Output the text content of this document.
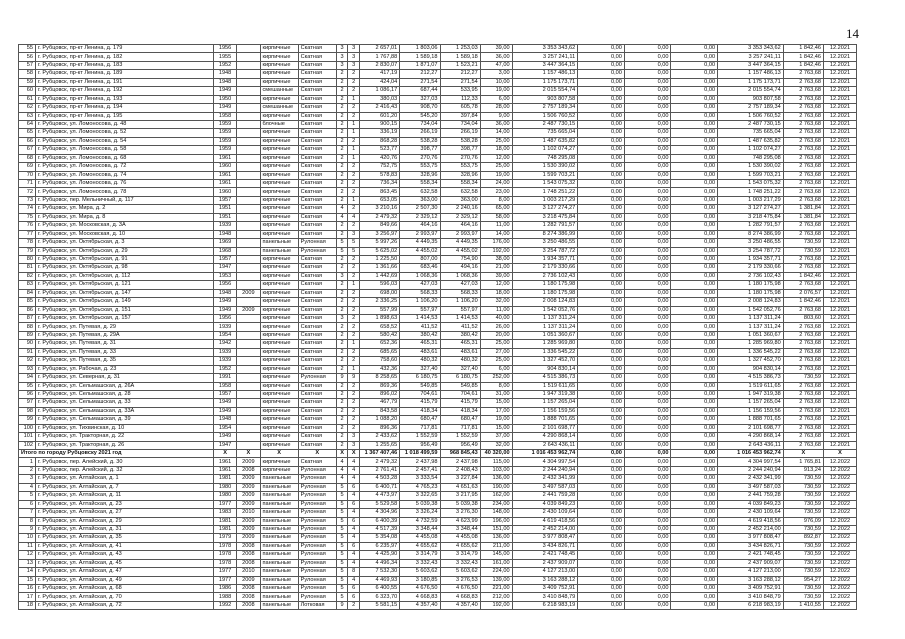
14
55	г. Рубцовск, пр-кт Ленина, д. 179	1956		кирпичные	Скатная	3	3	2 657,01	1 803,06	1 253,03	39,00	3 353 343,62	0,00	0,00	0,00	3 353 343,62	1 842,46	12.2021
56	г. Рубцовск, пр-кт Ленина, д. 182	1955		кирпичные	Скатная	3	3	1 767,88	1 589,18	1 589,18	36,00	3 257 241,11	0,00	0,00	0,00	3 257 241,11	1 842,46	12.2021
57	г. Рубцовск, пр-кт Ленина, д. 183	1952		кирпичные	Скатная	3	3	2 830,07	1 871,07	1 523,21	47,00	3 447 364,15	0,00	0,00	0,00	3 447 364,15	1 842,46	12.2021
58	г. Рубцовск, пр-кт Ленина, д. 189	1948		кирпичные	Скатная	2	2	417,19	212,27	212,27	3,00	1 157 486,13	0,00	0,00	0,00	1 157 486,13	2 763,68	12.2021
59	г. Рубцовск, пр-кт Ленина, д. 191	1948		кирпичные	Скатная	2	2	424,04	271,54	271,54	10,00	1 175 173,71	0,00	0,00	0,00	1 175 173,71	2 763,68	12.2021
60	г. Рубцовск, пр-кт Ленина, д. 192	1949		смешанные	Скатная	2	2	1 086,17	687,44	533,95	19,00	2 015 554,74	0,00	0,00	0,00	2 015 554,74	2 763,68	12.2021
61	г. Рубцовск, пр-кт Ленина, д. 193	1950		кирпичные	Скатная	2	1	380,03	327,03	112,33	6,00	903 807,58	0,00	0,00	0,00	903 807,58	2 763,68	12.2021
62	г. Рубцовск, пр-кт Ленина, д. 194	1949		смешанные	Скатная	2	2	2 416,43	908,70	605,78	28,00	2 757 189,34	0,00	0,00	0,00	2 757 189,34	2 763,68	12.2021
63	г. Рубцовск, пр-кт Ленина, д. 195	1958		кирпичные	Скатная	2	2	601,20	545,20	397,84	9,00	1 506 760,52	0,00	0,00	0,00	1 506 760,52	2 763,68	12.2021
64	г. Рубцовск, ул. Ломоносова, д. 48	1959		блочные	Скатная	2	1	900,15	734,04	734,04	36,00	2 487 730,15	0,00	0,00	0,00	2 487 730,15	2 763,68	12.2021
65	г. Рубцовск, ул. Ломоносова, д. 52	1959		кирпичные	Скатная	2	1	336,19	266,19	266,19	14,00	735 665,04	0,00	0,00	0,00	735 665,04	2 763,68	12.2021
66	г. Рубцовск, ул. Ломоносова, д. 54	1959		кирпичные	Скатная	2	2	868,28	538,28	538,28	25,00	1 487 635,82	0,00	0,00	0,00	1 487 635,82	2 763,68	12.2021
67	г. Рубцовск, ул. Ломоносова, д. 58	1959		кирпичные	Скатная	2	1	523,77	398,77	398,77	18,00	1 102 074,27	0,00	0,00	0,00	1 102 074,27	2 763,68	12.2021
68	г. Рубцовск, ул. Ломоносова, д. 68	1961		кирпичные	Скатная	2	1	420,76	270,76	270,76	12,00	748 295,08	0,00	0,00	0,00	748 295,08	2 763,68	12.2021
69	г. Рубцовск, ул. Ломоносова, д. 72	1960		кирпичные	Скатная	2	2	752,75	553,75	553,75	25,00	1 530 390,02	0,00	0,00	0,00	1 530 390,02	2 763,68	12.2021
70	г. Рубцовск, ул. Ломоносова, д. 74	1961		кирпичные	Скатная	2	2	578,83	328,96	328,96	19,00	1 599 703,21	0,00	0,00	0,00	1 599 703,21	2 763,68	12.2021
71	г. Рубцовск, ул. Ломоносова, д. 76	1961		кирпичные	Скатная	2	2	736,34	558,34	558,34	24,00	1 543 075,32	0,00	0,00	0,00	1 543 075,32	2 763,68	12.2021
72	г. Рубцовск, ул. Ломоносова, д. 78	1960		кирпичные	Скатная	2	2	863,45	632,58	632,58	23,00	1 748 251,22	0,00	0,00	0,00	1 748 251,22	2 763,68	12.2021
73	г. Рубцовск, пер. Мельничный, д. 117	1957		кирпичные	Скатная	2	1	653,05	363,00	363,00	8,00	1 003 217,29	0,00	0,00	0,00	1 003 217,29	2 763,68	12.2021
74	г. Рубцовск, ул. Мира, д. 2	1951		кирпичные	Скатная	4	2	3 210,16	2 507,30	2 240,16	65,00	3 127 274,27	0,00	0,00	0,00	3 127 274,27	1 381,84	12.2021
75	г. Рубцовск, ул. Мира, д. 8	1951		кирпичные	Скатная	4	4	2 479,32	2 329,12	2 329,12	58,00	3 218 475,84	0,00	0,00	0,00	3 218 475,84	1 381,84	12.2021
76	г. Рубцовск, ул. Московская, д. 3А	1939		кирпичные	Скатная	2	2	849,66	464,16	464,16	11,00	1 282 791,57	0,00	0,00	0,00	1 282 791,57	2 763,68	12.2021
77	г. Рубцовск, ул. Московская, д. 10	1948		кирпичные	Скатная	2	3	3 256,97	2 993,97	2 993,97	14,00	8 274 386,99	0,00	0,00	0,00	8 274 386,99	2 763,68	12.2021
78	г. Рубцовск, ул. Октябрьская, д. 3	1969		панельные	Рулонная	5	5	5 997,26	4 449,35	4 449,35	176,00	3 250 486,55	0,00	0,00	0,00	3 250 486,55	730,59	12.2021
79	г. Рубцовск, ул. Октябрьская, д. 29	1968		панельные	Рулонная	5	5	5 625,02	4 455,02	4 455,02	192,00	3 254 787,72	0,00	0,00	0,00	3 254 787,72	730,59	12.2021
80	г. Рубцовск, ул. Октябрьская, д. 91	1957		кирпичные	Скатная	2	2	1 225,50	807,00	754,90	38,00	1 934 357,71	0,00	0,00	0,00	1 934 357,71	2 763,68	12.2021
81	г. Рубцовск, ул. Октябрьская, д. 98	1947		кирпичные	Скатная	2	2	1 361,66	683,46	494,16	21,00	2 179 330,66	0,00	0,00	0,00	2 179 330,66	2 763,68	12.2021
82	г. Рубцовск, ул. Октябрьская, д. 112	1953		кирпичные	Скатная	3	2	1 442,69	1 068,36	1 068,36	39,00	2 736 102,43	0,00	0,00	0,00	2 736 102,43	1 842,46	12.2021
83	г. Рубцовск, ул. Октябрьская, д. 121	1956		кирпичные	Скатная	2	1	596,03	427,03	427,03	12,00	1 180 175,98	0,00	0,00	0,00	1 180 175,98	2 763,68	12.2021
84	г. Рубцовск, ул. Октябрьская, д. 147	1948	2009	кирпичные	Скатная	2	2	698,00	568,33	568,33	18,00	1 180 175,98	0,00	0,00	0,00	1 180 175,98	2 076,57	12.2021
85	г. Рубцовск, ул. Октябрьская, д. 149	1949		кирпичные	Скатная	2	2	2 336,25	1 106,20	1 106,20	32,00	2 008 124,83	0,00	0,00	0,00	2 008 124,83	1 842,46	12.2021
86	г. Рубцовск, ул. Октябрьская, д. 151	1949	2009	кирпичные	Скатная	2	2	557,99	557,97	557,97	11,00	1 542 052,76	0,00	0,00	0,00	1 542 052,76	2 763,68	12.2021
87	г. Рубцовск, ул. Октябрьская, д. 157	1956		кирпичные	Скатная	3	2	1 898,63	1 414,53	1 414,53	40,00	1 137 311,24	0,00	0,00	0,00	1 137 311,24	803,60	12.2021
88	г. Рубцовск, ул. Путевая, д. 29	1939		кирпичные	Скатная	2	2	658,52	411,52	411,52	26,00	1 137 311,24	0,00	0,00	0,00	1 137 311,24	2 763,68	12.2021
89	г. Рубцовск, ул. Путевая, д. 29А	1954		кирпичные	Скатная	2	2	580,42	380,42	380,42	20,00	1 051 360,67	0,00	0,00	0,00	1 051 360,67	2 763,68	12.2021
90	г. Рубцовск, ул. Путевая, д. 31	1942		кирпичные	Скатная	2	1	652,36	465,31	465,31	25,00	1 285 969,80	0,00	0,00	0,00	1 285 969,80	2 763,68	12.2021
91	г. Рубцовск, ул. Путевая, д. 33	1939		кирпичные	Скатная	2	2	685,65	483,61	483,61	27,00	1 336 545,22	0,00	0,00	0,00	1 336 545,22	2 763,68	12.2021
92	г. Рубцовск, ул. Путевая, д. 35	1939		кирпичные	Скатная	2	2	758,60	480,32	480,32	25,00	1 327 452,70	0,00	0,00	0,00	1 327 452,70	2 763,68	12.2021
93	г. Рубцовск, ул. Рабочая, д. 23	1952		кирпичные	Скатная	2	1	432,36	327,40	327,40	6,00	904 830,14	0,00	0,00	0,00	904 830,14	2 763,68	12.2021
94	г. Рубцовск, ул. Северная, д. 31	1991		кирпичные	Рулонная	9	9	8 258,65	6 180,75	6 180,75	252,00	4 515 386,73	0,00	0,00	0,00	4 515 386,73	730,59	12.2021
95	г. Рубцовск, ул. Сельмашская, д. 26А	1958		кирпичные	Скатная	2	2	869,36	549,85	549,85	8,00	1 519 611,65	0,00	0,00	0,00	1 519 611,65	2 763,68	12.2021
96	г. Рубцовск, ул. Сельмашская, д. 28	1957		кирпичные	Скатная	2	2	896,02	704,61	704,61	31,00	1 947 319,38	0,00	0,00	0,00	1 947 319,38	2 763,68	12.2021
97	г. Рубцовск, ул. Сельмашская, д. 33	1949		кирпичные	Скатная	2	2	467,79	415,79	415,79	15,00	1 157 265,04	0,00	0,00	0,00	1 157 265,04	2 763,68	12.2021
98	г. Рубцовск, ул. Сельмашская, д. 33А	1949		кирпичные	Скатная	2	2	843,58	418,34	418,34	17,00	1 156 159,56	0,00	0,00	0,00	1 156 159,56	2 763,68	12.2021
99	г. Рубцовск, ул. Сельмашская, д. 39	1948		кирпичные	Скатная	2	2	1 088,20	680,47	680,47	19,00	1 888 701,65	0,00	0,00	0,00	1 888 701,65	2 763,68	12.2021
100	г. Рубцовск, ул. Тихвинская, д. 10	1954		кирпичные	Скатная	2	2	896,36	717,81	717,81	15,00	2 101 698,77	0,00	0,00	0,00	2 101 698,77	2 763,68	12.2021
101	г. Рубцовск, ул. Тракторная, д. 22	1949		кирпичные	Скатная	2	3	2 433,62	1 552,59	1 552,59	37,00	4 290 868,14	0,00	0,00	0,00	4 290 868,14	2 763,68	12.2021
102	г. Рубцовск, ул. Тракторная, д. 26	1947		кирпичные	Скатная	2	3	1 255,65	956,49	956,49	32,00	2 643 436,11	0,00	0,00	0,00	2 643 436,11	2 763,68	12.2021
Итого по городу Рубцовску 2021 год		X	X	X	X	X	X	1 367 407,46	1 018 499,59	968 845,43	40 320,00	1 016 453 962,74	0,00	0,00	0,00	1 016 453 962,74	X	X
1	г. Рубцовск, пер. Алейский, д. 30	1961	2009	кирпичные	Скатная	4	4	2 479,32	2 437,98	2 437,98	115,00	4 304 997,54	0,00	0,00	0,00	4 304 997,54	1 765,81	12.2022
2	г. Рубцовск, пер. Алейский, д. 32	1961	2008	кирпичные	Рулонная	4	4	2 761,41	2 457,41	2 408,43	103,00	2 244 240,94	0,00	0,00	0,00	2 244 240,94	913,24	12.2022
3	г. Рубцовск, ул. Алтайская, д. 1	1981	2009	панельные	Рулонная	4	4	4 503,28	3 333,54	3 227,84	136,00	2 432 341,99	0,00	0,00	0,00	2 432 341,99	730,59	12.2022
4	г. Рубцовск, ул. Алтайская, д. 7	1980	2009	панельные	Рулонная	5	6	6 400,71	4 765,23	4 651,63	190,00	3 497 587,03	0,00	0,00	0,00	3 497 587,03	730,59	12.2022
5	г. Рубцовск, ул. Алтайская, д. 11	1980	2009	панельные	Рулонная	5	4	4 473,97	3 322,65	3 217,95	162,00	2 441 759,28	0,00	0,00	0,00	2 441 759,28	730,59	12.2022
6	г. Рубцовск, ул. Алтайская, д. 23	1977	2009	панельные	Рулонная	5	6	5 529,58	5 039,38	5 039,38	234,00	4 039 849,23	0,00	0,00	0,00	4 039 849,23	730,59	12.2022
7	г. Рубцовск, ул. Алтайская, д. 27	1983	2010	панельные	Рулонная	5	4	4 304,96	3 326,24	3 276,30	148,00	2 430 109,64	0,00	0,00	0,00	2 430 109,64	730,59	12.2022
8	г. Рубцовск, ул. Алтайская, д. 29	1981	2009	панельные	Рулонная	5	6	6 400,39	4 732,59	4 623,99	196,00	4 619 418,56	0,00	0,00	0,00	4 619 418,56	976,09	12.2022
9	г. Рубцовск, ул. Алтайская, д. 31	1981	2009	панельные	Рулонная	5	4	4 517,39	3 348,44	3 348,44	151,00	2 452 214,00	0,00	0,00	0,00	2 452 214,00	730,59	12.2022
10	г. Рубцовск, ул. Алтайская, д. 35	1979	2009	панельные	Рулонная	5	4	5 354,08	4 455,08	4 455,08	136,00	3 977 808,47	0,00	0,00	0,00	3 977 808,47	892,87	12.2022
11	г. Рубцовск, ул. Алтайская, д. 41	1978	2008	панельные	Рулонная	5	6	6 235,97	4 655,62	4 655,62	211,00	3 434 826,71	0,00	0,00	0,00	3 434 826,71	730,59	12.2022
12	г. Рубцовск, ул. Алтайская, д. 43	1978	2008	панельные	Рулонная	5	4	4 425,90	3 314,79	3 314,79	145,00	2 421 748,45	0,00	0,00	0,00	2 421 748,45	730,59	12.2022
13	г. Рубцовск, ул. Алтайская, д. 45	1978	2008	панельные	Рулонная	5	4	4 496,34	3 332,43	3 332,43	161,00	2 437 909,07	0,00	0,00	0,00	2 437 909,07	730,59	12.2022
14	г. Рубцовск, ул. Алтайская, д. 47	1977	2010	панельные	Рулонная	5	8	7 532,30	5 603,62	5 603,62	224,00	4 127 213,00	0,00	0,00	0,00	4 127 213,00	730,59	12.2022
15	г. Рубцовск, ул. Алтайская, д. 49	1977	2009	панельные	Рулонная	5	4	4 469,93	3 180,85	3 276,53	139,00	3 163 288,12	0,00	0,00	0,00	3 163 288,12	954,27	12.2022
16	г. Рубцовск, ул. Алтайская, д. 68	1986	2008	панельные	Рулонная	5	6	6 400,55	4 676,50	4 676,50	221,00	3 409 752,91	0,00	0,00	0,00	3 409 752,91	730,59	12.2022
17	г. Рубцовск, ул. Алтайская, д. 70	1988	2008	панельные	Рулонная	5	6	6 323,70	4 668,83	4 668,83	212,00	3 410 848,79	0,00	0,00	0,00	3 410 848,79	730,59	12.2022
18	г. Рубцовск, ул. Алтайская, д. 72	1992	2008	панельные	Лотковая	9	2	5 581,15	4 357,40	4 357,40	192,00	6 218 983,19	0,00	0,00	0,00	6 218 983,19	1 410,55	12.2022
